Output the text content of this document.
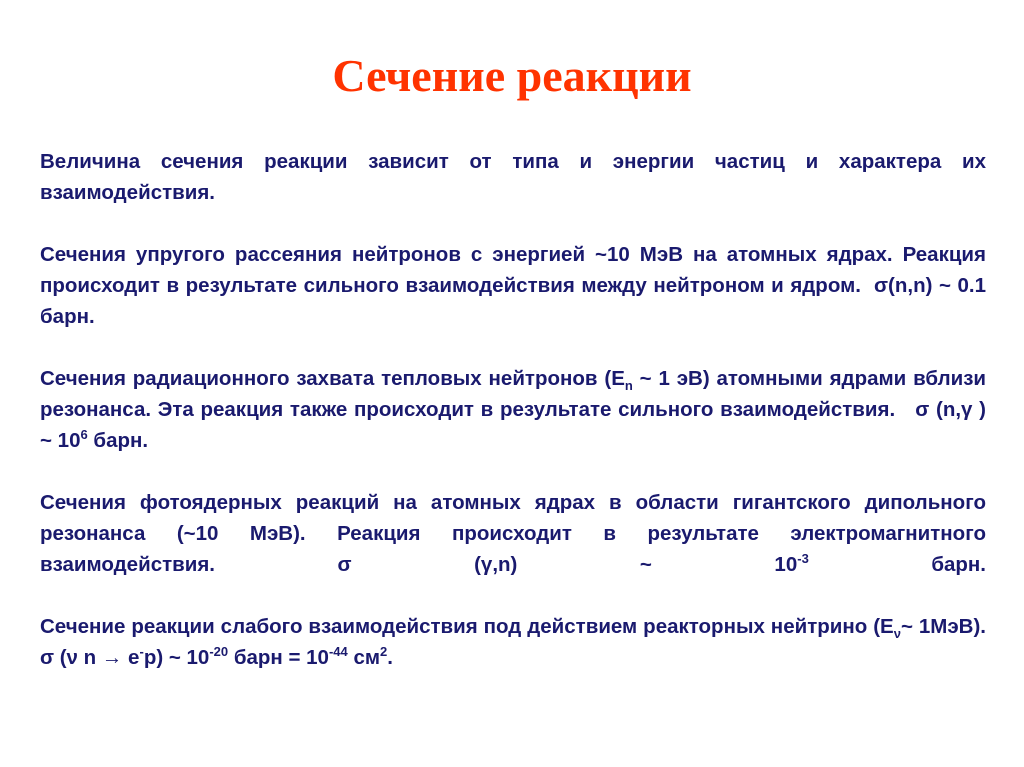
Сечение реакции

Величина сечения реакции зависит от типа и энергии частиц и характера их взаимодействия.

Сечения упругого рассеяния нейтронов с энергией ~10 МэВ на атомных ядрах. Реакция происходит в результате сильного взаимодействия между нейтроном и ядром. σ(n,n) ~ 0.1 барн.

Сечения радиационного захвата тепловых нейтронов ($E_n$ ~ 1 эВ) атомными ядрами вблизи резонанса. Эта реакция также происходит в результате сильного взаимодействия. σ (n,γ ) ~ $10^6$ барн.

Сечения фотоядерных реакций на атомных ядрах в области гигантского дипольного резонанса (~10 МэВ). Реакция происходит в результате электромагнитного взаимодействия.	σ (γ,n) ~ $10^{-3}$ барн.

Сечение реакции слабого взаимодействия под действием реакторных нейтрино ($E_\nu\sim$ 1МэВ). σ (ν n → e-p) ~ $10^{-20}$ барн = $10^{-44}$ $см^2$.
